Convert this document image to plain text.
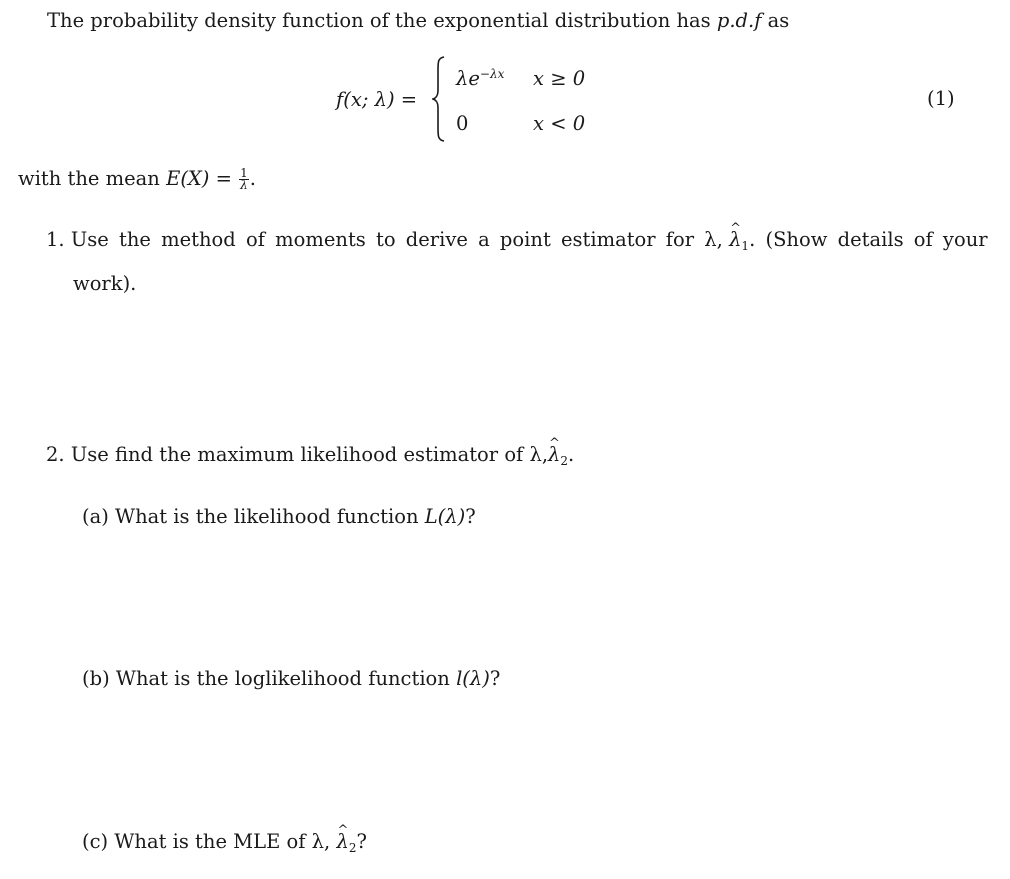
The probability density function of the exponential distribution has p.d.f as
f(x; λ) =
$\lambda e^{-\lambda x}$ x ≥ 0
0	x < 0
(1)
with the mean $E(X) = \frac{1}{\lambda}$ .
1. Use the method of moments to derive a point estimator for λ, ^ $\lambda_1$. (Show details of your
work).
2. Use find the maximum likelihood estimator of λ,^ $\lambda_2$.
(a) What is the likelihood function L(λ)?
(b) What is the loglikelihood function l(λ)?
(c) What is the MLE of λ, ^ $\lambda_2$?
